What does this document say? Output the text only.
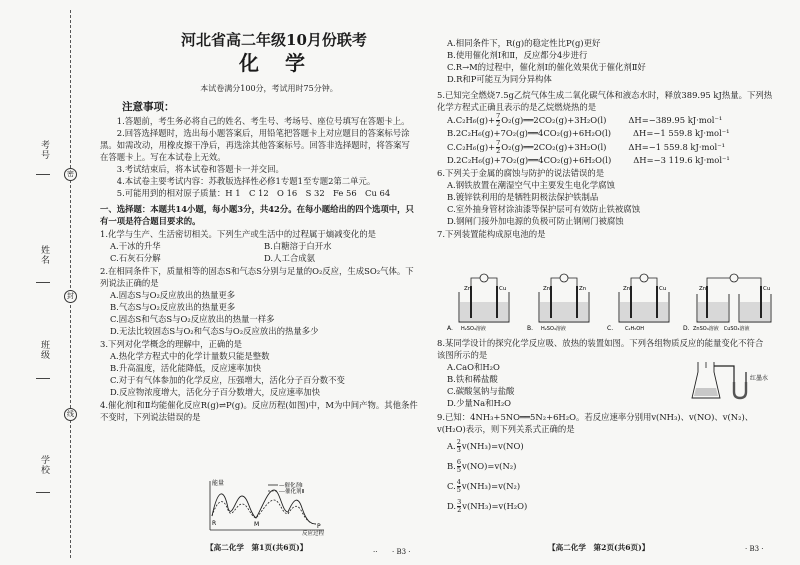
考号
姓名
班级
学校
密
封
线
河北省高二年级10月份联考
化学
本试卷满分100分，考试用时75分钟。
注意事项：

1.答题前，考生务必将自己的姓名、考生号、考场号、座位号填写在答题卡上。

2.回答选择题时，选出每小题答案后，用铅笔把答题卡上对应题目的答案标号涂黑。如需改动，用橡皮擦干净后，再选涂其他答案标号。回答非选择题时，将答案写在答题卡上。写在本试卷上无效。

3.考试结束后，将本试卷和答题卡一并交回。

4.本试卷主要考试内容：苏教版选择性必修1专题1至专题2第二单元。

5.可能用到的相对原子质量：H 1　C 12　O 16　S 32　Fe 56　Cu 64

一、选择题：本题共14小题，每小题3分，共42分。在每小题给出的四个选项中，只有一项是符合题目要求的。
1.化学与生产、生活密切相关。下列生产或生活中的过程属于熵减变化的是
A.干冰的升华	B.白糖溶于白开水
C.石灰石分解	D.人工合成氨
2.在相同条件下，质量相等的固态S和气态S分别与足量的O₂反应，生成SO₂气体。下列说法正确的是
A.固态S与O₂反应放出的热量更多
B.气态S与O₂反应放出的热量更多
C.固态S和气态S与O₂反应放出的热量一样多
D.无法比较固态S与O₂和气态S与O₂反应放出的热量多少
3.下列对化学概念的理解中，正确的是
A.热化学方程式中的化学计量数只能是整数
B.升高温度，活化能降低，反应速率加快
C.对于有气体参加的化学反应，压强增大，活化分子百分数不变
D.反应物浓度增大，活化分子百分数增大，反应速率加快
4.催化剂Ⅰ和Ⅱ均能催化反应R(g)⇌P(g)。反应历程(如图)中，M为中间产物。其他条件不变时，下列说法错误的是
能量	—催化剂Ⅰ
---催化剂Ⅱ
R	M	P
反应过程
【高二化学　第1页(共6页)】	·· · B3 ·
A.相同条件下，R(g)的稳定性比P(g)更好
B.使用催化剂Ⅰ和Ⅱ，反应都分4步进行
C.R→M的过程中，催化剂Ⅰ的催化效果优于催化剂Ⅱ好
D.R和P可能互为同分异构体
5.已知完全燃烧7.5g乙烷气体生成二氧化碳气体和液态水时，释放389.95 kJ热量。下列热化学方程式正确且表示的是乙烷燃烧热的是
A. $C_2H_6(g)+ \frac{7}{2}$ O₂(g)══2CO₂(g)+3H₂O(l)	ΔH=−389.95 kJ·mol⁻¹
B. 2C₂H₆(g)+7O₂(g)══4CO₂(g)+6H₂O(l)	ΔH=−1 559.8 kJ·mol⁻¹
C. $C_2H_6(g)+ \frac{7}{2}$ O₂(g)══2CO₂(g)+3H₂O(l)	ΔH=−1 559.8 kJ·mol⁻¹
D. 2C₂H₆(g)+7O₂(g)══4CO₂(g)+6H₂O(l)	ΔH=−3 119.6 kJ·mol⁻¹
6.下列关于金属的腐蚀与防护的说法错误的是
A.钢铁放置在潮湿空气中主要发生电化学腐蚀
B.镀锌铁利用的是牺牲阴极法保护铁制品
C.室外抽身管材涂油漆等保护层可有效防止铁被腐蚀
D.钢闸门接外加电源的负极可防止钢闸门被腐蚀
7.下列装置能构成原电池的是
Zn	Cu
A. H₂SO₄溶液
Zn	Zn
B. H₂SO₄溶液
Zn	Cu
C. C₂H₅OH
Zn	Cu
D. ZnSO₄溶液　CuSO₄溶液
8.某同学设计的探究化学反应吸、放热的装置如图。下列各组物质反应的能量变化不符合该图所示的是
A.CaO和H₂O
B.铁和稀盐酸
C.碳酸氢钠与盐酸
D.少量Na和H₂O
9.已知：4NH₃+5NO══5N₂+6H₂O。若反应速率分别用v(NH₃)、v(NO)、v(N₂)、v(H₂O)表示，则下列关系式正确的是
A. $\frac{2}{3} v(NH_3)=v(NO)$
B. $\frac{6}{5} v(NO)=v(N_2)$
C. $\frac{4}{5} v(NH_3)=v(N_2)$
D. $\frac{3}{2} v(NH_3)=v(H_2O)$
红墨水
【高二化学　第2页(共6页)】	· B3 ·
